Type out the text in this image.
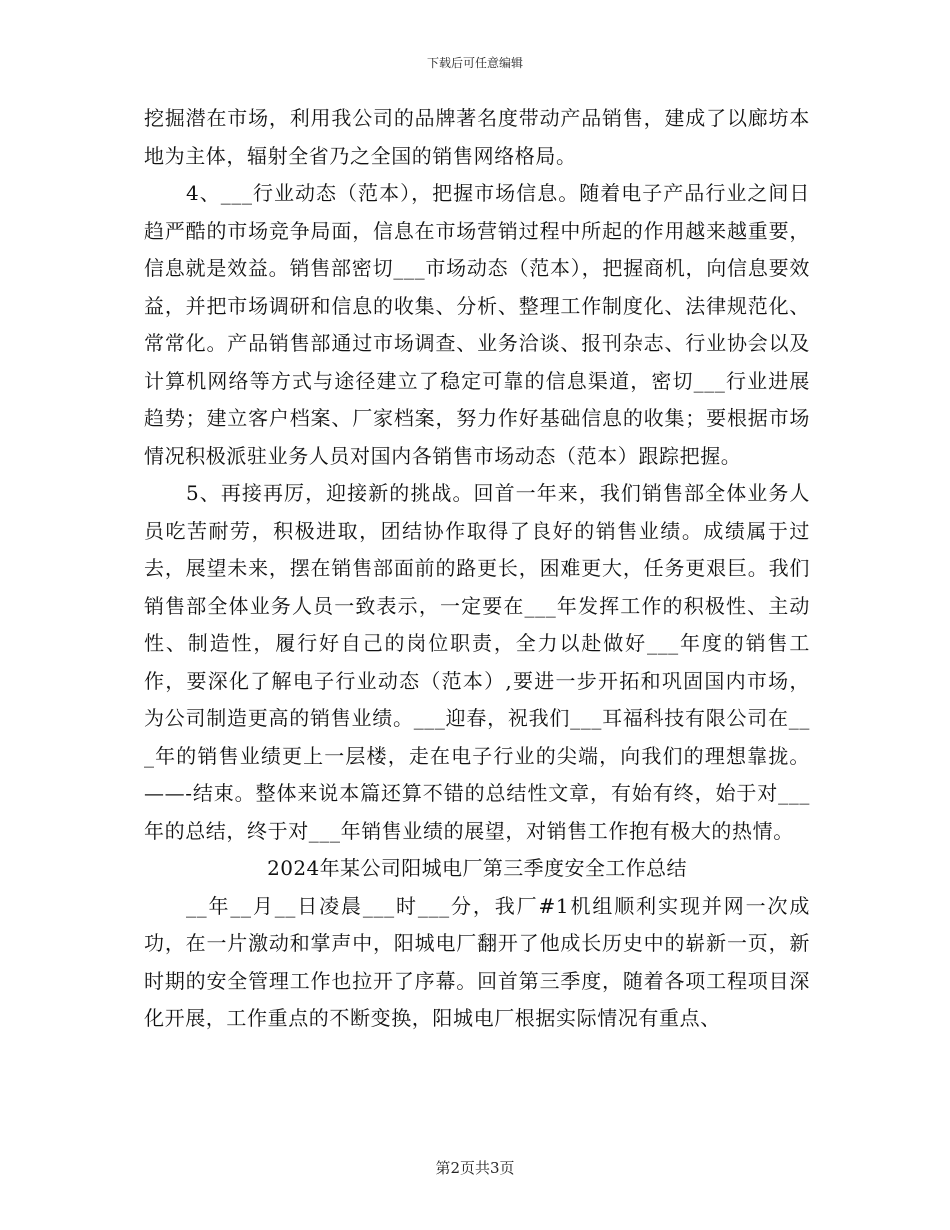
下载后可任意编辑

挖掘潜在市场，利用我公司的品牌著名度带动产品销售，建成了以廊坊本地为主体，辐射全省乃之全国的销售网络格局。

4、___行业动态（范本），把握市场信息。随着电子产品行业之间日趋严酷的市场竞争局面，信息在市场营销过程中所起的作用越来越重要，信息就是效益。销售部密切___市场动态（范本），把握商机，向信息要效益，并把市场调研和信息的收集、分析、整理工作制度化、法律规范化、常常化。产品销售部通过市场调查、业务洽谈、报刊杂志、行业协会以及计算机网络等方式与途径建立了稳定可靠的信息渠道，密切___行业进展趋势；建立客户档案、厂家档案，努力作好基础信息的收集；要根据市场情况积极派驻业务人员对国内各销售市场动态（范本）跟踪把握。

5、再接再厉，迎接新的挑战。回首一年来，我们销售部全体业务人员吃苦耐劳，积极进取，团结协作取得了良好的销售业绩。成绩属于过去，展望未来，摆在销售部面前的路更长，困难更大，任务更艰巨。我们销售部全体业务人员一致表示，一定要在___年发挥工作的积极性、主动性、制造性，履行好自己的岗位职责，全力以赴做好___年度的销售工作，要深化了解电子行业动态（范本）,要进一步开拓和巩固国内市场，为公司制造更高的销售业绩。___迎春，祝我们___耳福科技有限公司在___年的销售业绩更上一层楼，走在电子行业的尖端，向我们的理想靠拢。——-结束。整体来说本篇还算不错的总结性文章，有始有终，始于对___年的总结，终于对___年销售业绩的展望，对销售工作抱有极大的热情。

2024年某公司阳城电厂第三季度安全工作总结

__年__月__日凌晨___时___分，我厂#1机组顺利实现并网一次成功，在一片激动和掌声中，阳城电厂翻开了他成长历史中的崭新一页，新时期的安全管理工作也拉开了序幕。回首第三季度，随着各项工程项目深化开展，工作重点的不断变换，阳城电厂根据实际情况有重点、

第2页共3页
